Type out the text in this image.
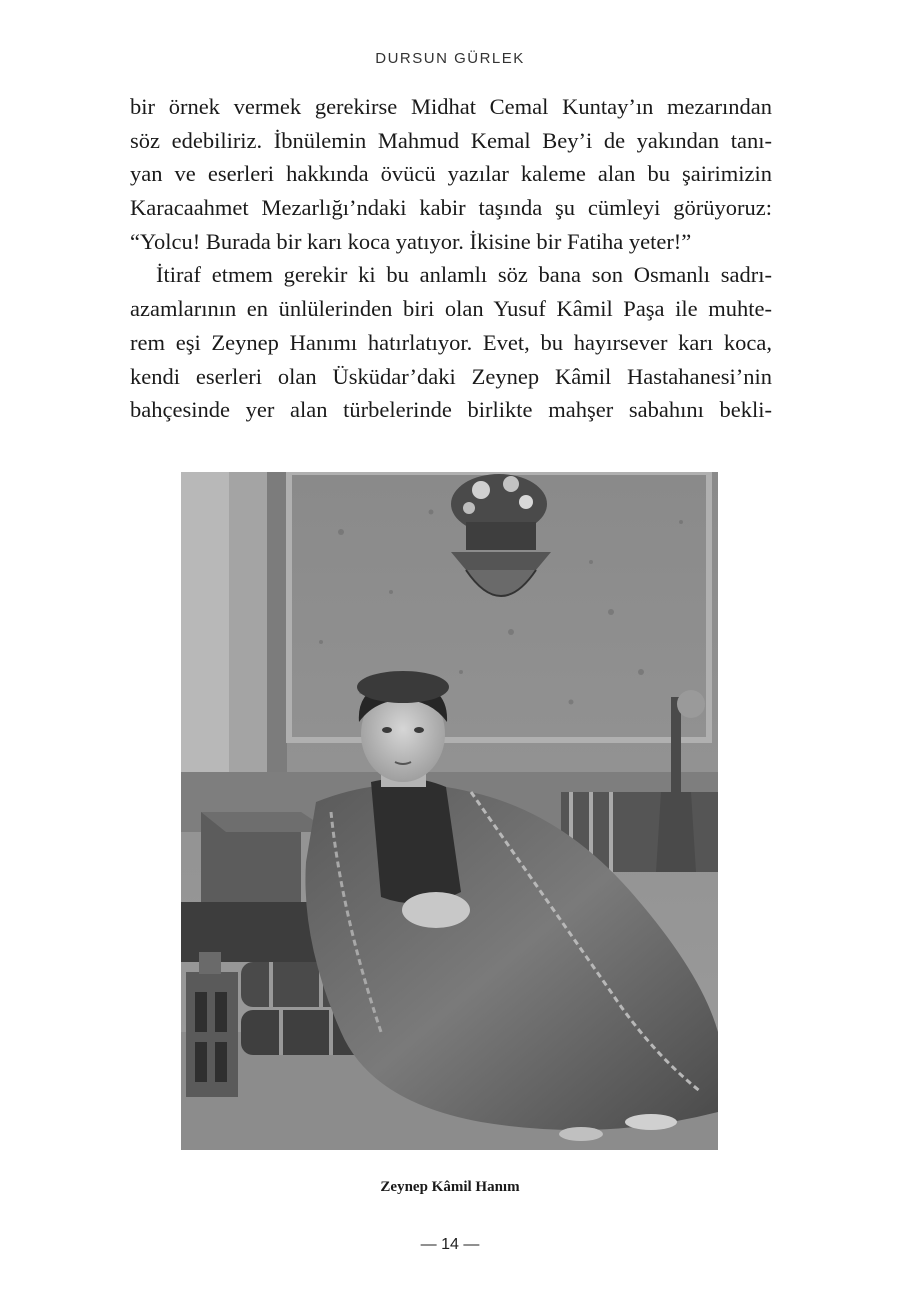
DURSUN GÜRLEK
bir örnek vermek gerekirse Midhat Cemal Kuntay’ın mezarından
söz edebiliriz. İbnülemin Mahmud Kemal Bey’i de yakından tanı-
yan ve eserleri hakkında övücü yazılar kaleme alan bu şairimizin
Karacaahmet Mezarlığı’ndaki kabir taşında şu cümleyi görüyoruz:
“Yolcu! Burada bir karı koca yatıyor. İkisine bir Fatiha yeter!”
İtiraf etmem gerekir ki bu anlamlı söz bana son Osmanlı sadrı-
azamlarının en ünlülerinden biri olan Yusuf Kâmil Paşa ile muhte-
rem eşi Zeynep Hanımı hatırlatıyor. Evet, bu hayırsever karı koca,
kendi eserleri olan Üsküdar’daki Zeynep Kâmil Hastahanesi’nin
bahçesinde yer alan türbelerinde birlikte mahşer sabahını bekli-
Zeynep Kâmil Hanım
— 14 —
